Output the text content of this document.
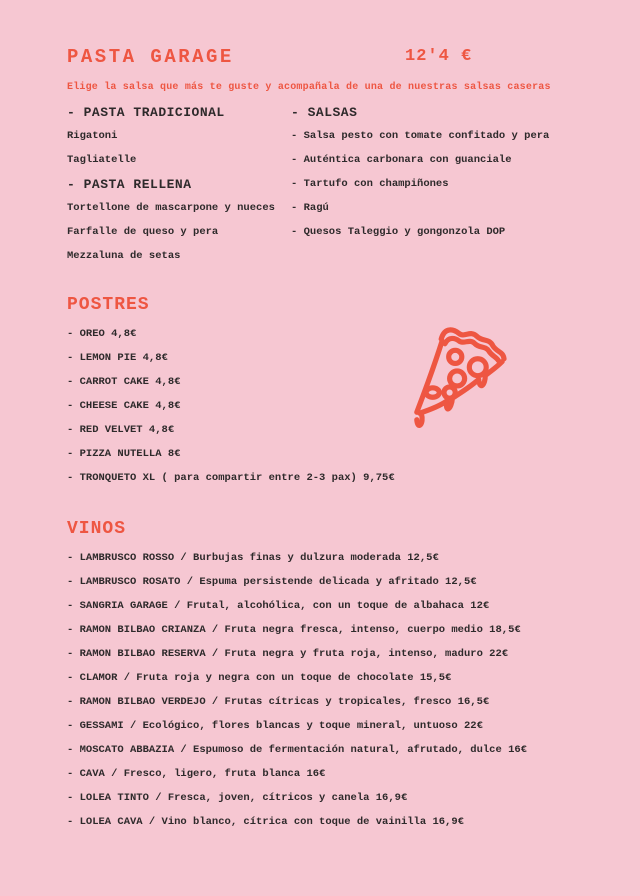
PASTA GARAGE	12'4 €

Elige la salsa que más te guste y acompañala de una de nuestras salsas caseras

- PASTA TRADICIONAL
Rigatoni
Tagliatelle
- PASTA RELLENA
Tortellone de mascarpone y nueces
Farfalle de queso y pera
Mezzaluna de setas
- SALSAS
- Salsa pesto con tomate confitado y pera
- Auténtica carbonara con guanciale
- Tartufo con champiñones
- Ragú
- Quesos Taleggio y gongonzola DOP
POSTRES
- OREO 4,8€
- LEMON PIE 4,8€
- CARROT CAKE 4,8€
- CHEESE CAKE 4,8€
- RED VELVET 4,8€
- PIZZA NUTELLA 8€
- TRONQUETO XL ( para compartir entre 2-3 pax) 9,75€
VINOS
- LAMBRUSCO ROSSO / Burbujas finas y dulzura moderada 12,5€
- LAMBRUSCO ROSATO / Espuma persistende delicada y afritado 12,5€
- SANGRIA GARAGE / Frutal, alcohólica, con un toque de albahaca 12€
- RAMON BILBAO CRIANZA / Fruta negra fresca, intenso, cuerpo medio 18,5€
- RAMON BILBAO RESERVA / Fruta negra y fruta roja, intenso, maduro 22€
- CLAMOR / Fruta roja y negra con un toque de chocolate 15,5€
- RAMON BILBAO VERDEJO / Frutas cítricas y tropicales, fresco 16,5€
- GESSAMI / Ecológico, flores blancas y toque mineral, untuoso 22€
- MOSCATO ABBAZIA / Espumoso de fermentación natural, afrutado, dulce 16€
- CAVA / Fresco, ligero, fruta blanca 16€
- LOLEA TINTO / Fresca, joven, cítricos y canela 16,9€
- LOLEA CAVA / Vino blanco, cítrica con toque de vainilla 16,9€
